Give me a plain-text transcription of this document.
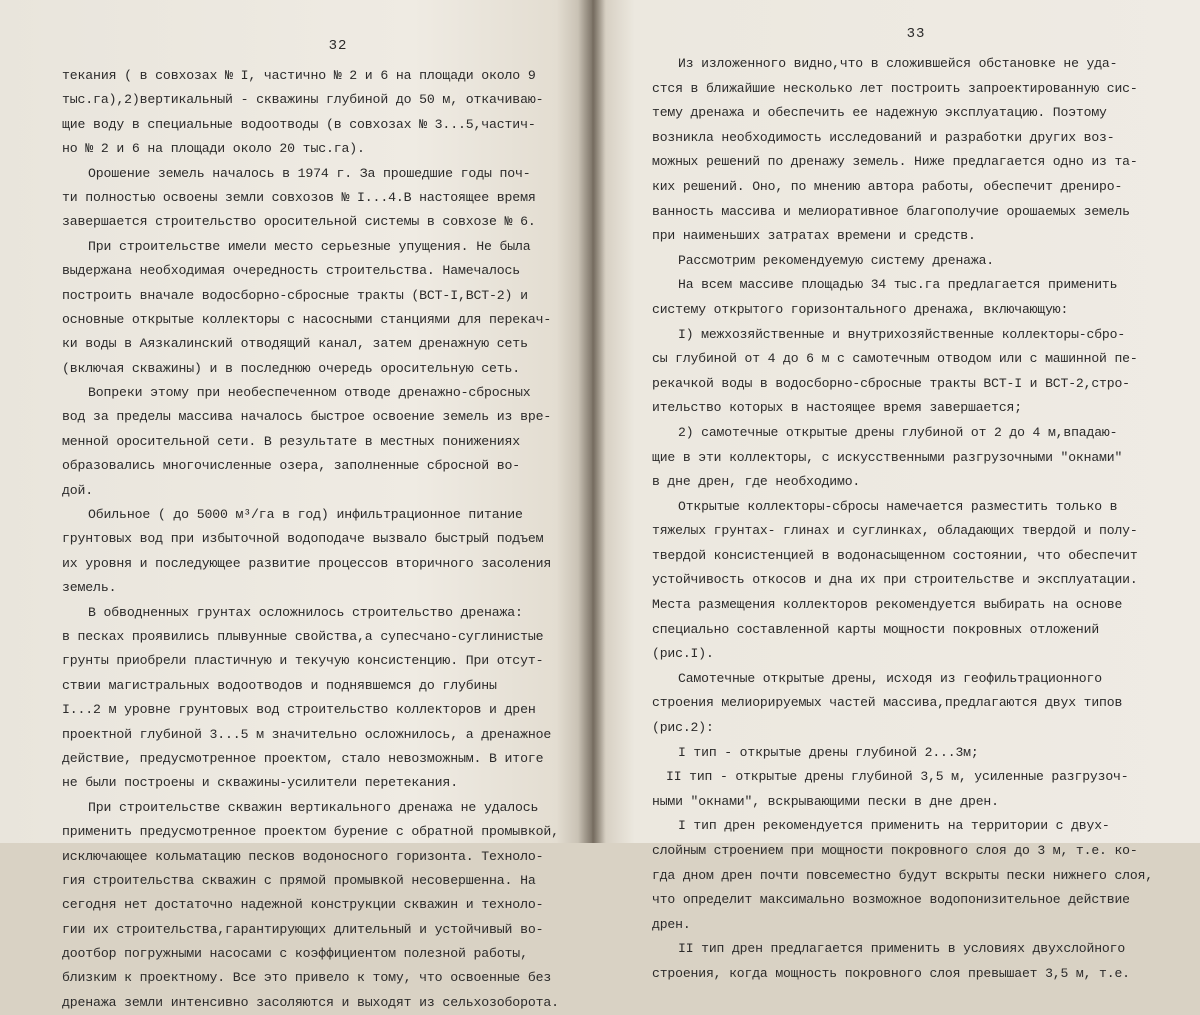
32
текания ( в совхозах № I, частично № 2 и 6 на площади около 9
тыс.га),2)вертикальный - скважины глубиной до 50 м, откачиваю-
щие воду в специальные водоотводы (в совхозах № 3...5,частич-
но № 2 и 6 на площади около 20 тыс.га).
Орошение земель началось в 1974 г. За прошедшие годы поч-
ти полностью освоены земли совхозов № I...4.В настоящее время
завершается строительство оросительной системы в совхозе № 6.
При строительстве имели место серьезные упущения. Не была
выдержана необходимая очередность строительства. Намечалось
построить вначале водосборно-сбросные тракты (ВСТ-I,ВСТ-2) и
основные открытые коллекторы с насосными станциями для перекач-
ки воды в Аязкалинский отводящий канал, затем дренажную сеть
(включая скважины) и в последнюю очередь оросительную сеть.
Вопреки этому при необеспеченном отводе дренажно-сбросных
вод за пределы массива началось быстрое освоение земель из вре-
менной оросительной сети. В результате в местных понижениях
образовались многочисленные озера, заполненные сбросной во-
дой.
Обильное ( до 5000 м³/га в год) инфильтрационное питание
грунтовых вод при избыточной водоподаче вызвало быстрый подъем
их уровня и последующее развитие процессов вторичного засоления
земель.
В обводненных грунтах осложнилось строительство дренажа:
в песках проявились плывунные свойства,а супесчано-суглинистые
грунты приобрели пластичную и текучую консистенцию. При отсут-
ствии магистральных водоотводов и поднявшемся до глубины
I...2 м уровне грунтовых вод строительство коллекторов и дрен
проектной глубиной 3...5 м значительно осложнилось, а дренажное
действие, предусмотренное проектом, стало невозможным. В итоге
не были построены и скважины-усилители перетекания.
При строительстве скважин вертикального дренажа не удалось
применить предусмотренное проектом бурение с обратной промывкой,
исключающее кольматацию песков водоносного горизонта. Техноло-
гия строительства скважин с прямой промывкой несовершенна. На
сегодня нет достаточно надежной конструкции скважин и техноло-
гии их строительства,гарантирующих длительный и устойчивый во-
доотбор погружными насосами с коэффициентом полезной работы,
близким к проектному. Все это привело к тому, что освоенные без
дренажа земли интенсивно засоляются и выходят из сельхозоборота.
33
Из изложенного видно,что в сложившейся обстановке не уда-
стся в ближайшие несколько лет построить запроектированную сис-
тему дренажа и обеспечить ее надежную эксплуатацию. Поэтому
возникла необходимость исследований и разработки других воз-
можных решений по дренажу земель. Ниже предлагается одно из та-
ких решений. Оно, по мнению автора работы, обеспечит дрениро-
ванность массива и мелиоративное благополучие орошаемых земель
при наименьших затратах времени и средств.
Рассмотрим рекомендуемую систему дренажа.
На всем массиве площадью 34 тыс.га предлагается применить
систему открытого горизонтального дренажа, включающую:
I) межхозяйственные и внутрихозяйственные коллекторы-сбро-
сы глубиной от 4 до 6 м с самотечным отводом или с машинной пе-
рекачкой воды в водосборно-сбросные тракты ВСТ-I и ВСТ-2,стро-
ительство которых в настоящее время завершается;
2) самотечные открытые дрены глубиной от 2 до 4 м,впадаю-
щие в эти коллекторы, с искусственными разгрузочными "окнами"
в дне дрен, где необходимо.
Открытые коллекторы-сбросы намечается разместить только в
тяжелых грунтах- глинах и суглинках, обладающих твердой и полу-
твердой консистенцией в водонасыщенном состоянии, что обеспечит
устойчивость откосов и дна их при строительстве и эксплуатации.
Места размещения коллекторов рекомендуется выбирать на основе
специально составленной карты мощности покровных отложений
(рис.I).
Самотечные открытые дрены, исходя из геофильтрационного
строения мелиорируемых частей массива,предлагаются двух типов
(рис.2):
I тип - открытые дрены глубиной 2...3м;
II тип - открытые дрены глубиной 3,5 м, усиленные разгрузоч-
ными "окнами", вскрывающими пески в дне дрен.
I тип дрен рекомендуется применить на территории с двух-
слойным строением при мощности покровного слоя до 3 м, т.е. ко-
гда дном дрен почти повсеместно будут вскрыты пески нижнего слоя,
что определит максимально возможное водопонизительное действие
дрен.
II тип дрен предлагается применить в условиях двухслойного
строения, когда мощность покровного слоя превышает 3,5 м, т.е.
